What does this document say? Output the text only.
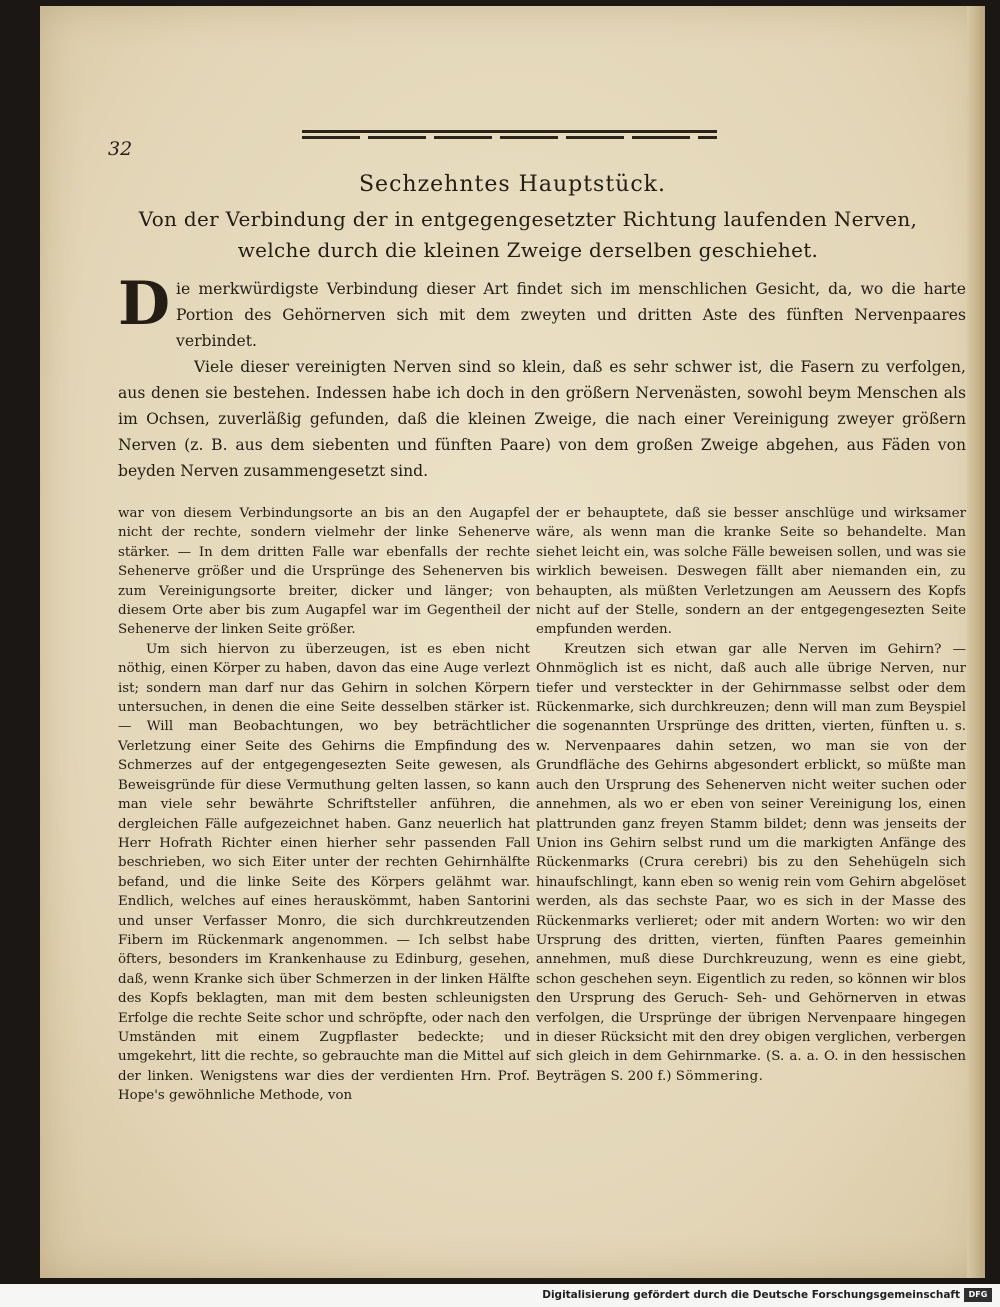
32
Sechzehntes Hauptstück.
Von der Verbindung der in entgegengesetzter Richtung laufenden Nerven, welche durch die kleinen Zweige derselben geschiehet.

Die merkwürdigste Verbindung dieser Art findet sich im menschlichen Gesicht, da, wo die harte Portion des Gehörnerven sich mit dem zweyten und dritten Aste des fünften Nervenpaares verbindet.

Viele dieser vereinigten Nerven sind so klein, daß es sehr schwer ist, die Fasern zu verfolgen, aus denen sie bestehen. Indessen habe ich doch in den größern Nervenästen, sowohl beym Menschen als im Ochsen, zuverläßig gefunden, daß die kleinen Zweige, die nach einer Vereinigung zweyer größern Nerven (z. B. aus dem siebenten und fünften Paare) von dem großen Zweige abgehen, aus Fäden von beyden Nerven zusammengesetzt sind.

war von diesem Verbindungsorte an bis an den Augapfel nicht der rechte, sondern vielmehr der linke Sehenerve stärker. — In dem dritten Falle war ebenfalls der rechte Sehenerve größer und die Ursprünge des Sehenerven bis zum Vereinigungsorte breiter, dicker und länger; von diesem Orte aber bis zum Augapfel war im Gegentheil der Sehenerve der linken Seite größer.

Um sich hiervon zu überzeugen, ist es eben nicht nöthig, einen Körper zu haben, davon das eine Auge verlezt ist; sondern man darf nur das Gehirn in solchen Körpern untersuchen, in denen die eine Seite desselben stärker ist. — Will man Beobachtungen, wo bey beträchtlicher Verletzung einer Seite des Gehirns die Empfindung des Schmerzes auf der entgegengesezten Seite gewesen, als Beweisgründe für diese Vermuthung gelten lassen, so kann man viele sehr bewährte Schriftsteller anführen, die dergleichen Fälle aufgezeichnet haben. Ganz neuerlich hat Herr Hofrath Richter einen hierher sehr passenden Fall beschrieben, wo sich Eiter unter der rechten Gehirnhälfte befand, und die linke Seite des Körpers gelähmt war. Endlich, welches auf eines herauskömmt, haben Santorini und unser Verfasser Monro, die sich durchkreutzenden Fibern im Rückenmark angenommen. — Ich selbst habe öfters, besonders im Krankenhause zu Edinburg, gesehen, daß, wenn Kranke sich über Schmerzen in der linken Hälfte des Kopfs beklagten, man mit dem besten schleunigsten Erfolge die rechte Seite schor und schröpfte, oder nach den Umständen mit einem Zugpflaster bedeckte; und umgekehrt, litt die rechte, so gebrauchte man die Mittel auf der linken. Wenigstens war dies der verdienten Hrn. Prof. Hope's gewöhnliche Methode, von

der er behauptete, daß sie besser anschlüge und wirksamer wäre, als wenn man die kranke Seite so behandelte. Man siehet leicht ein, was solche Fälle beweisen sollen, und was sie wirklich beweisen. Deswegen fällt aber niemanden ein, zu behaupten, als müßten Verletzungen am Aeussern des Kopfs nicht auf der Stelle, sondern an der entgegengesezten Seite empfunden werden.

Kreutzen sich etwan gar alle Nerven im Gehirn? — Ohnmöglich ist es nicht, daß auch alle übrige Nerven, nur tiefer und versteckter in der Gehirnmasse selbst oder dem Rückenmarke, sich durchkreuzen; denn will man zum Beyspiel die sogenannten Ursprünge des dritten, vierten, fünften u. s. w. Nervenpaares dahin setzen, wo man sie von der Grundfläche des Gehirns abgesondert erblickt, so müßte man auch den Ursprung des Sehenerven nicht weiter suchen oder annehmen, als wo er eben von seiner Vereinigung los, einen plattrunden ganz freyen Stamm bildet; denn was jenseits der Union ins Gehirn selbst rund um die markigten Anfänge des Rückenmarks (Crura cerebri) bis zu den Sehehügeln sich hinaufschlingt, kann eben so wenig rein vom Gehirn abgelöset werden, als das sechste Paar, wo es sich in der Masse des Rückenmarks verlieret; oder mit andern Worten: wo wir den Ursprung des dritten, vierten, fünften Paares gemeinhin annehmen, muß diese Durchkreuzung, wenn es eine giebt, schon geschehen seyn. Eigentlich zu reden, so können wir blos den Ursprung des Geruch- Seh- und Gehörnerven in etwas verfolgen, die Ursprünge der übrigen Nervenpaare hingegen in dieser Rücksicht mit den drey obigen verglichen, verbergen sich gleich in dem Gehirnmarke. (S. a. a. O. in den hessischen Beyträgen S. 200 f.) Sömmering.

Digitalisierung gefördert durch die Deutsche Forschungsgemeinschaft	DFG
